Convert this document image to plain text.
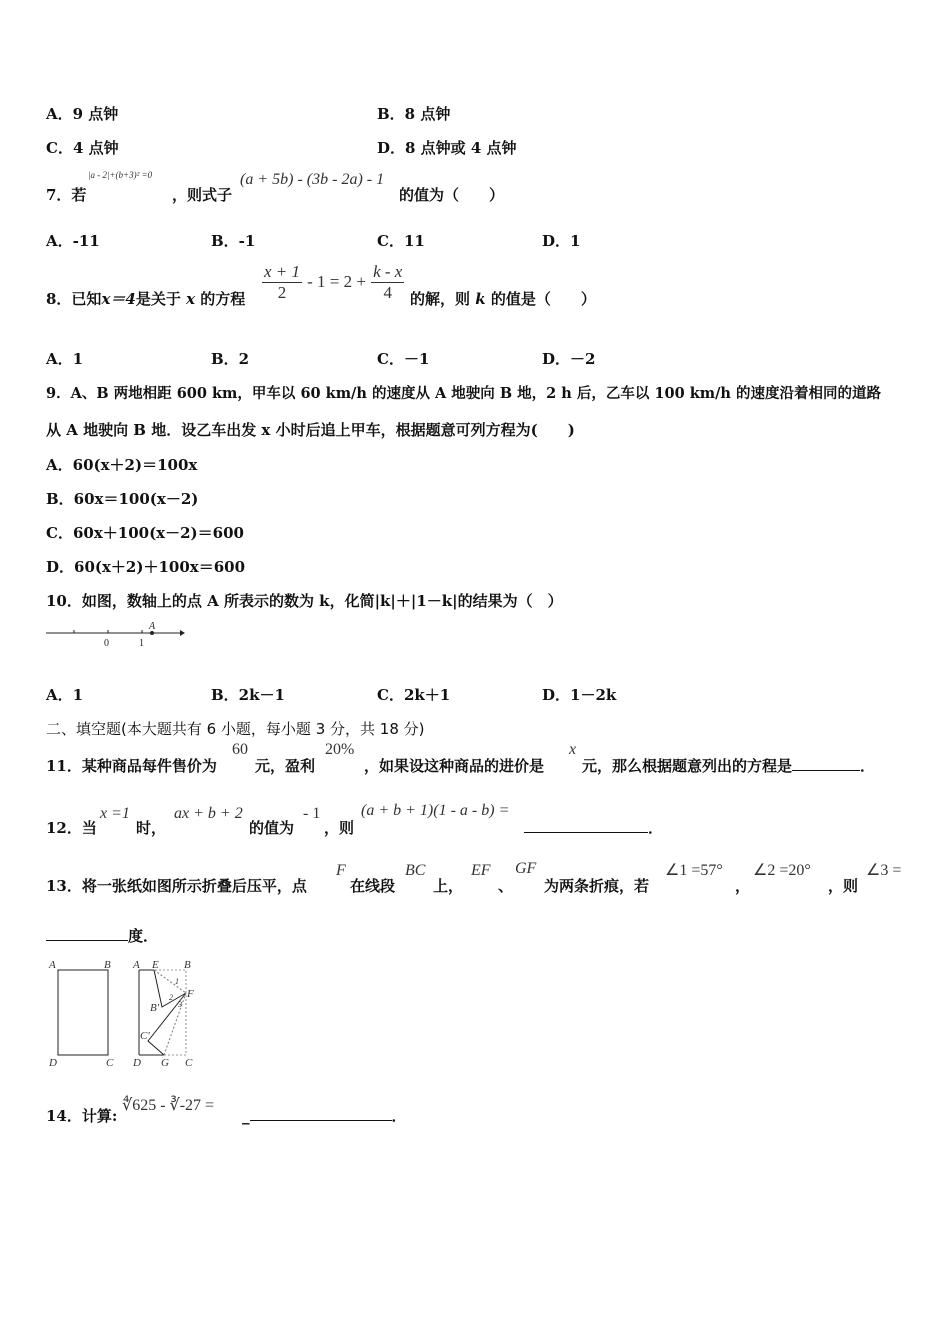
A．9 点钟	B．8 点钟
C．4 点钟	D．8 点钟或 4 点钟
7．若
|a - 2|+(b+3)² =0
，则式子
(a + 5b) - (3b - 2a) - 1
的值为（　　）
A．-11	B．-1	C．11	D．1
8．已知x＝4是关于 x 的方程 $\frac{x + 1}{2} - 1 = 2 + \frac{k - x}{4}$ 的解，则 k 的值是（　　）
A．1	B．2	C．－1	D．－2
9．A、B 两地相距 600 km，甲车以 60 km/h 的速度从 A 地驶向 B 地，2 h 后，乙车以 100 km/h 的速度沿着相同的道路
从 A 地驶向 B 地．设乙车出发 x 小时后追上甲车，根据题意可列方程为(　　)
A．60(x＋2)＝100x
B．60x＝100(x－2)
C．60x＋100(x－2)＝600
D．60(x＋2)＋100x＝600
10．如图，数轴上的点 A 所表示的数为 k，化简|k|＋|1－k|的结果为（　）
A
0	1
A．1	B．2k－1	C．2k＋1	D．1－2k
二、填空题(本大题共有 6 小题，每小题 3 分，共 18 分)
11．某种商品每件售价为
60
元，盈利
20%
，如果设这种商品的进价是
x
元，那么根据题意列出的方程是	．
12．当
x =1
时，
ax + b + 2
的值为
- 1
，则
(a + b + 1)(1 - a - b) =
．
13．将一张纸如图所示折叠后压平，点
F
在线段
BC
上，
EF
、
GF
为两条折痕，若
∠1 =57°
，
∠2 =20°
，则
∠3 =
度．
A	B
D	C
A E B
F
B′
C′
D G C
1
2
3
14．计算:
∜625 - ∛-27 =
_	．
